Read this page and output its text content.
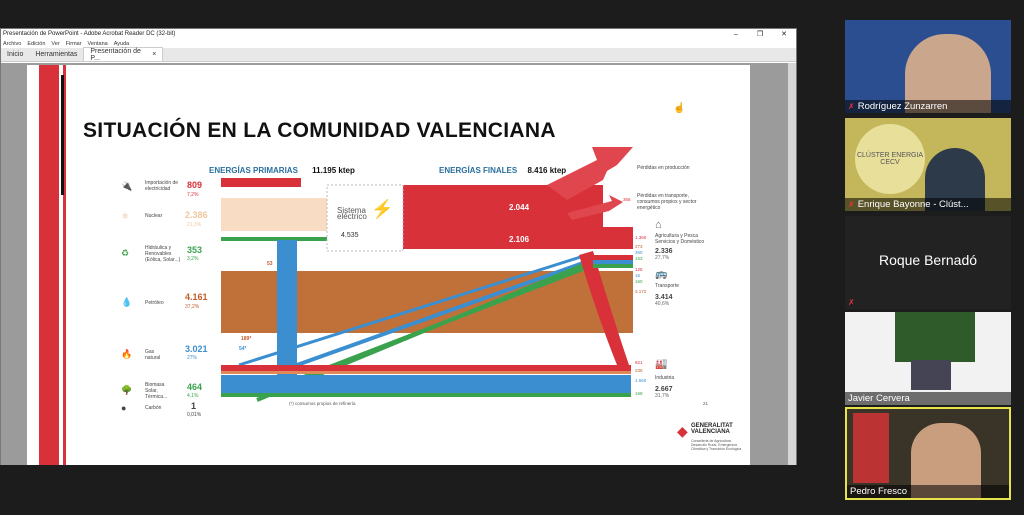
Presentación de PowerPoint - Adobe Acrobat Reader DC (32-bit)	–	❐	✕
Archivo Edición Ver Firmar Ventana Ayuda
Inicio	Herramientas	Presentación de P...	×
SITUACIÓN EN LA COMUNIDAD VALENCIANA
ENERGÍAS PRIMARIAS 11.195 ktep	ENERGÍAS FINALES 8.416 ktep
Sistema eléctrico ⚡
4.535
934
53
189*
54*
2.044
2.106
Pérdidas en producción
Pérdidas en transporte, consumos propios y sector energético
365
🔌	Importación de electricidad	809
7,2%
⚛	Nuclear	2.386
21,3%
♻	Hidráulica y Renovables (Eólica, Solar...)
353
3,2%
💧	Petróleo
4.161
37,2%
🔥	Gas natural
3.021
27%
🌳	Biomasa Solar, Térmica...
464
4,1%
●	Carbón	1
0,01%
⌂
Agricultura y Pesca Servicios y Doméstico
2.336
27,7%
🚌
Transporte
3.414
40,6%
🏭
Industria
2.667
31,7%
1.360
273
360
153
125
16
160
3.172
621
235
1.660
168
(*) consumos propios de refinería	21
◆ GENERALITAT VALENCIANA
Conselleria de Agricultura, Desarrollo Rural, Emergencia Climática y Transición Ecológica
☝	✗ Rodríguez Zunzarren
CLÚSTER ENERGIA CECV
✗ Enrique Bayonne - Clúst...
Roque Bernadó
✗
Javier Cervera
Pedro Fresco
